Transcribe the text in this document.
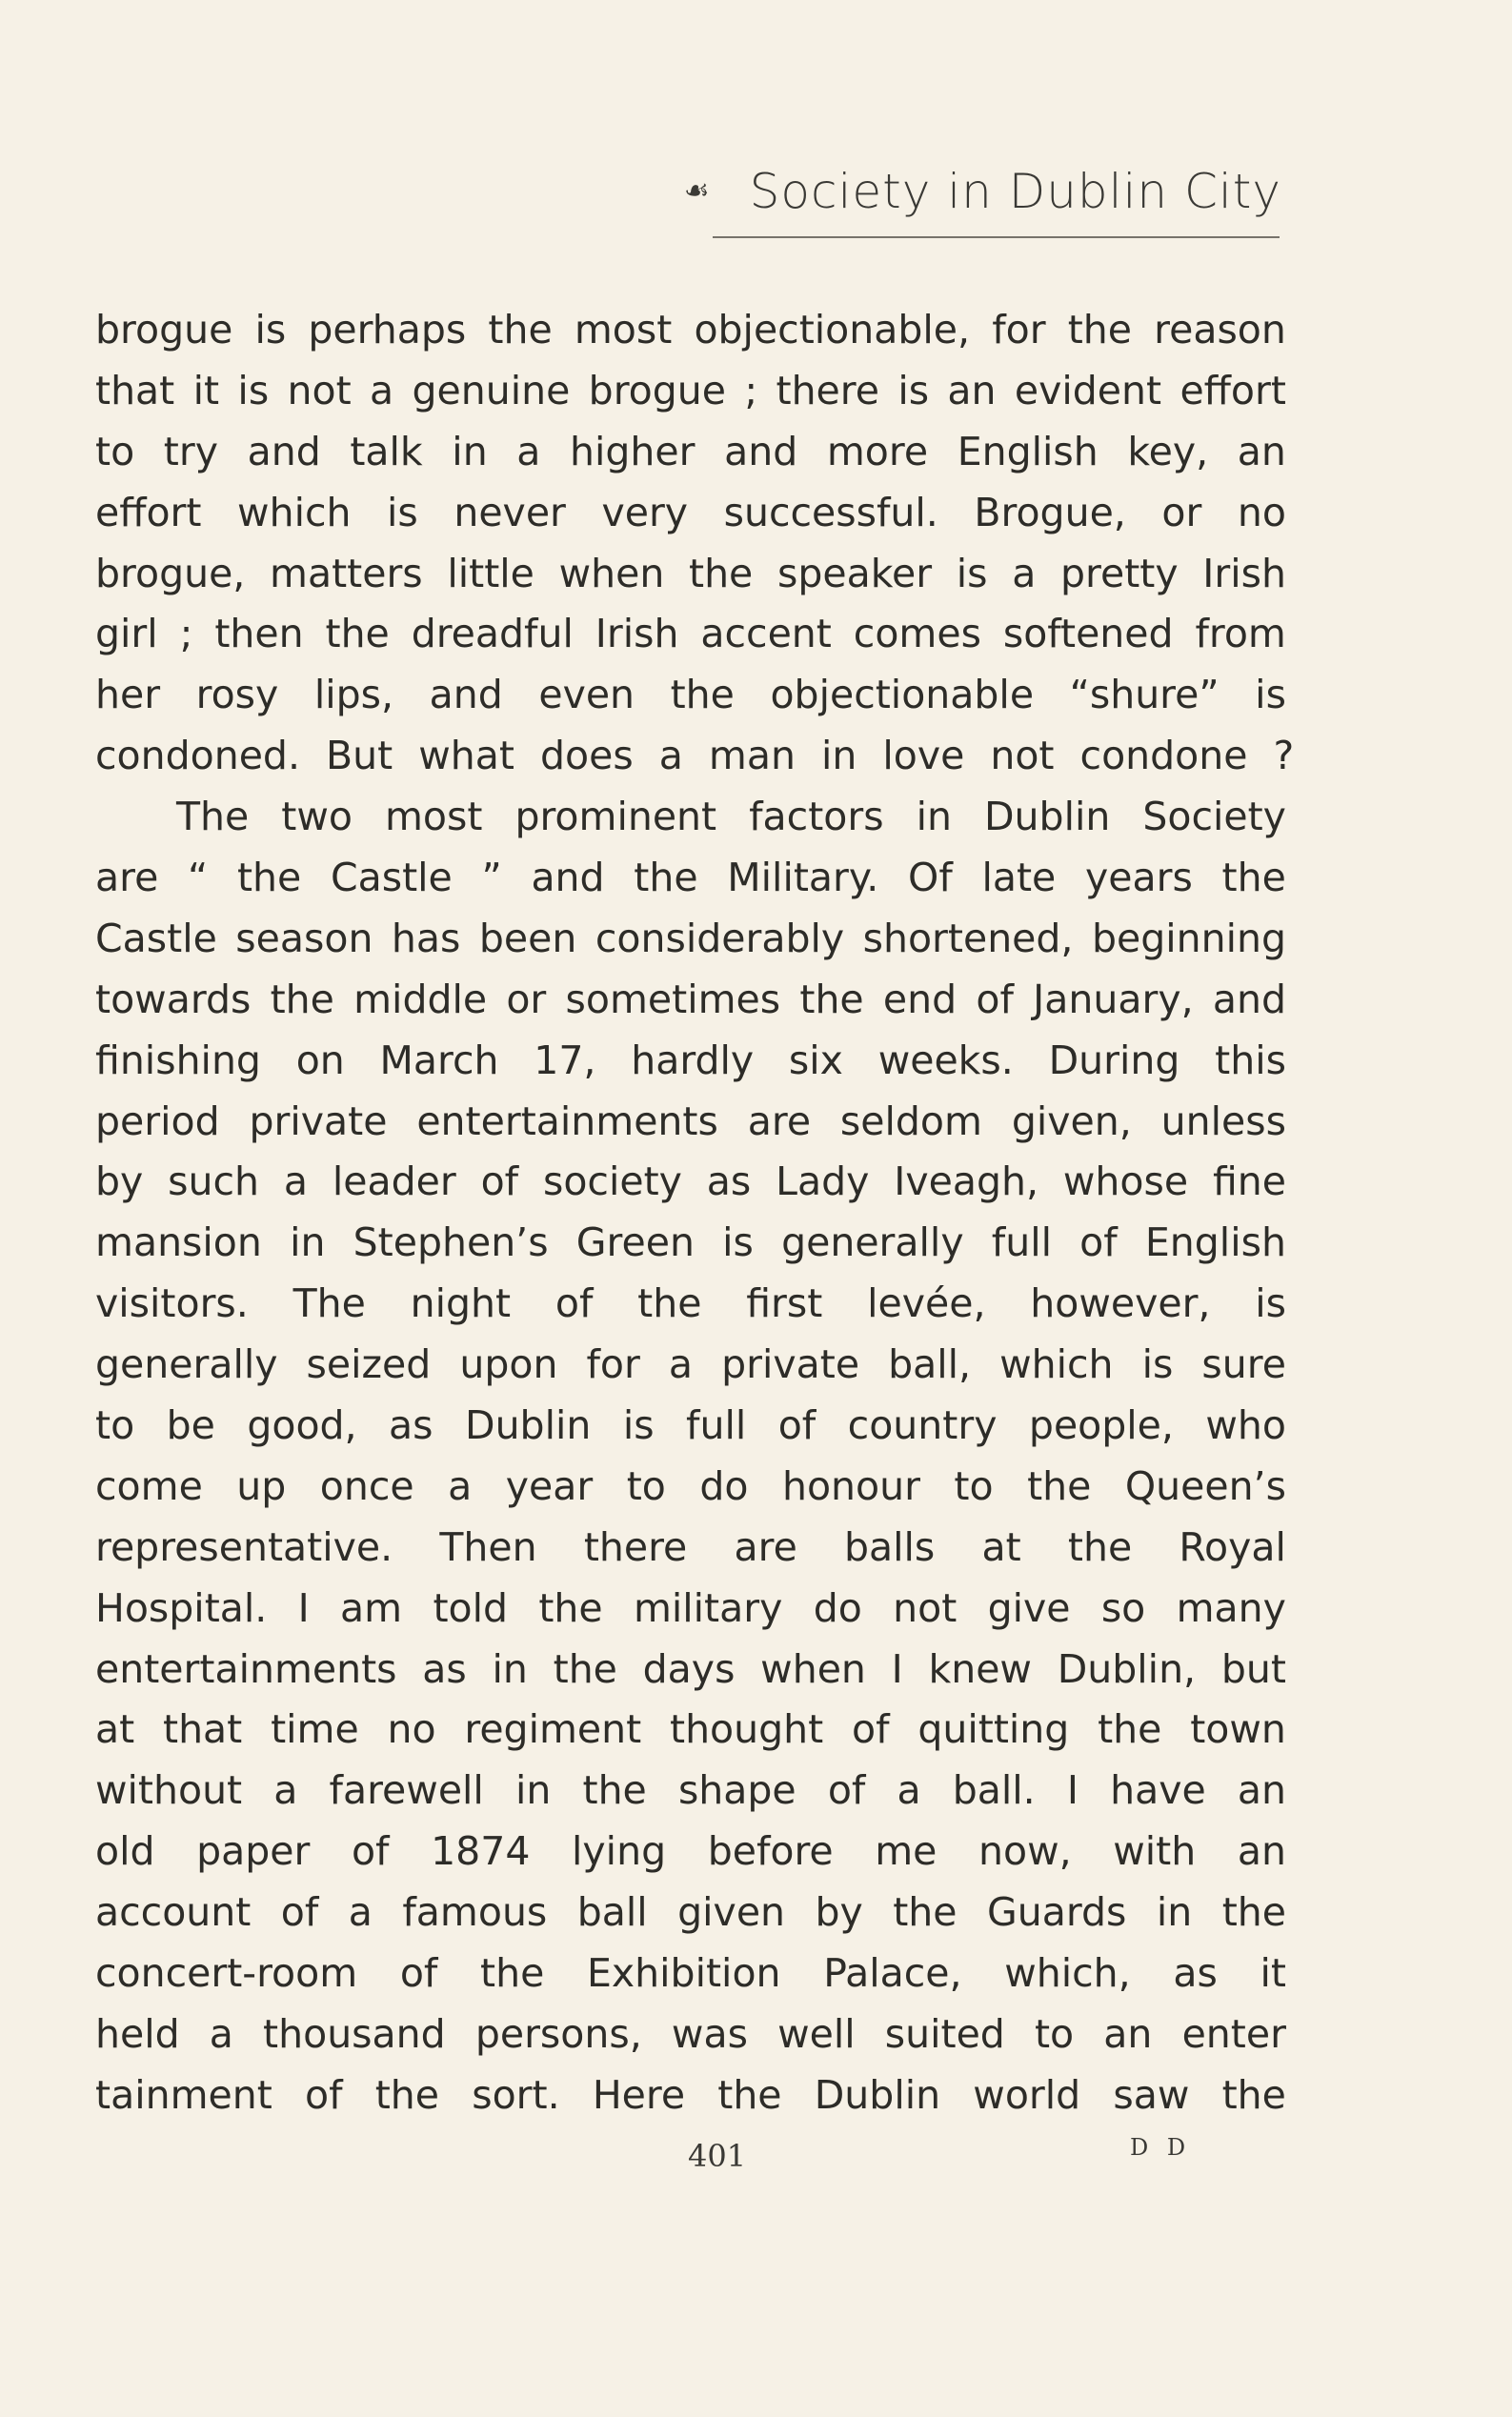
☙ Society in Dublin City
brogue is perhaps the most objectionable, for the reason
that it is not a genuine brogue ; there is an evident effort
to try and talk in a higher and more English key, an
effort which is never very successful. Brogue, or no
brogue, matters little when the speaker is a pretty Irish
girl ; then the dreadful Irish accent comes softened from
her rosy lips, and even the objectionable “shure” is
condoned. But what does a man in love not condone ?
The two most prominent factors in Dublin Society
are “ the Castle ” and the Military. Of late years the
Castle season has been considerably shortened, beginning
towards the middle or sometimes the end of January, and
finishing on March 17, hardly six weeks. During this
period private entertainments are seldom given, unless
by such a leader of society as Lady Iveagh, whose fine
mansion in Stephen’s Green is generally full of English
visitors. The night of the first levée, however, is
generally seized upon for a private ball, which is sure
to be good, as Dublin is full of country people, who
come up once a year to do honour to the Queen’s
representative. Then there are balls at the Royal
Hospital. I am told the military do not give so many
entertainments as in the days when I knew Dublin, but
at that time no regiment thought of quitting the town
without a farewell in the shape of a ball. I have an
old paper of 1874 lying before me now, with an
account of a famous ball given by the Guards in the
concert-room of the Exhibition Palace, which, as it
held a thousand persons, was well suited to an enter
tainment of the sort. Here the Dublin world saw the
401	D D
